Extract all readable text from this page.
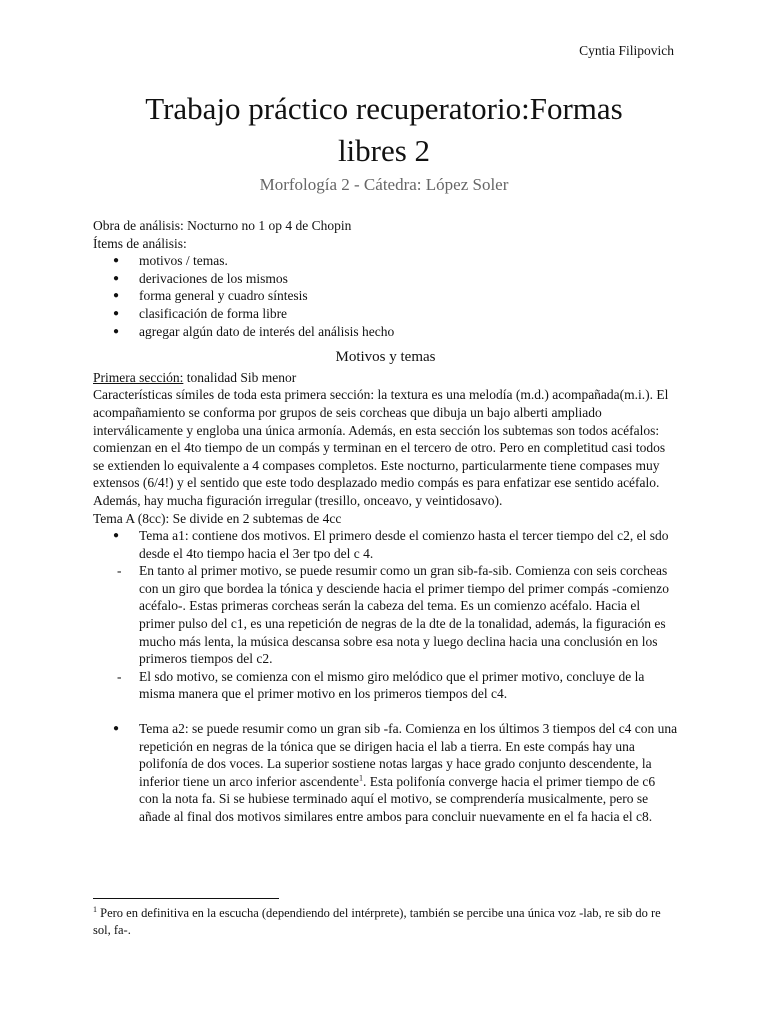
Cyntia Filipovich
Trabajo práctico recuperatorio:Formas
libres 2
Morfología 2 - Cátedra: López Soler

Obra de análisis: Nocturno no 1 op 4 de Chopin

Ítems de análisis:

● motivos / temas.
● derivaciones de los mismos
● forma general y cuadro síntesis
● clasificación de forma libre
● agregar algún dato de interés del análisis hecho

Motivos y temas

Primera sección: tonalidad Sib menor

Características símiles de toda esta primera sección: la textura es una melodía (m.d.) acompañada(m.i.). El acompañamiento se conforma por grupos de seis corcheas que dibuja un bajo alberti ampliado interválicamente y engloba una única armonía. Además, en esta sección los subtemas son todos acéfalos: comienzan en el 4to tiempo de un compás y terminan en el tercero de otro. Pero en completitud casi todos se extienden lo equivalente a 4 compases completos. Este nocturno, particularmente tiene compases muy extensos (6/4!) y el sentido que este todo desplazado medio compás es para enfatizar ese sentido acéfalo. Además, hay mucha figuración irregular (tresillo, onceavo, y veintidosavo).

Tema A (8cc): Se divide en 2 subtemas de 4cc

● Tema a1: contiene dos motivos. El primero desde el comienzo hasta el tercer tiempo del c2, el sdo desde el 4to tiempo hacia el 3er tpo del c 4.
- En tanto al primer motivo, se puede resumir como un gran sib-fa-sib. Comienza con seis corcheas con un giro que bordea la tónica y desciende hacia el primer tiempo del primer compás -comienzo acéfalo-. Estas primeras corcheas serán la cabeza del tema. Es un comienzo acéfalo. Hacia el primer pulso del c1, es una repetición de negras de la dte de la tonalidad, además, la figuración es mucho más lenta, la música descansa sobre esa nota y luego declina hacia una conclusión en los primeros tiempos del c2.
- El sdo motivo, se comienza con el mismo giro melódico que el primer motivo, concluye de la misma manera que el primer motivo en los primeros tiempos del c4.
● Tema a2: se puede resumir como un gran sib -fa. Comienza en los últimos 3 tiempos del c4 con una repetición en negras de la tónica que se dirigen hacia el lab a tierra. En este compás hay una polifonía de dos voces. La superior sostiene notas largas y hace grado conjunto descendente, la inferior tiene un arco inferior ascendente$^1$. Esta polifonía converge hacia el primer tiempo de c6 con la nota fa. Si se hubiese terminado aquí el motivo, se comprendería musicalmente, pero se añade al final dos motivos similares entre ambos para concluir nuevamente en el fa hacia el c8.
$^1$ Pero en definitiva en la escucha (dependiendo del intérprete), también se percibe una única voz -lab, re sib do re sol, fa-.
